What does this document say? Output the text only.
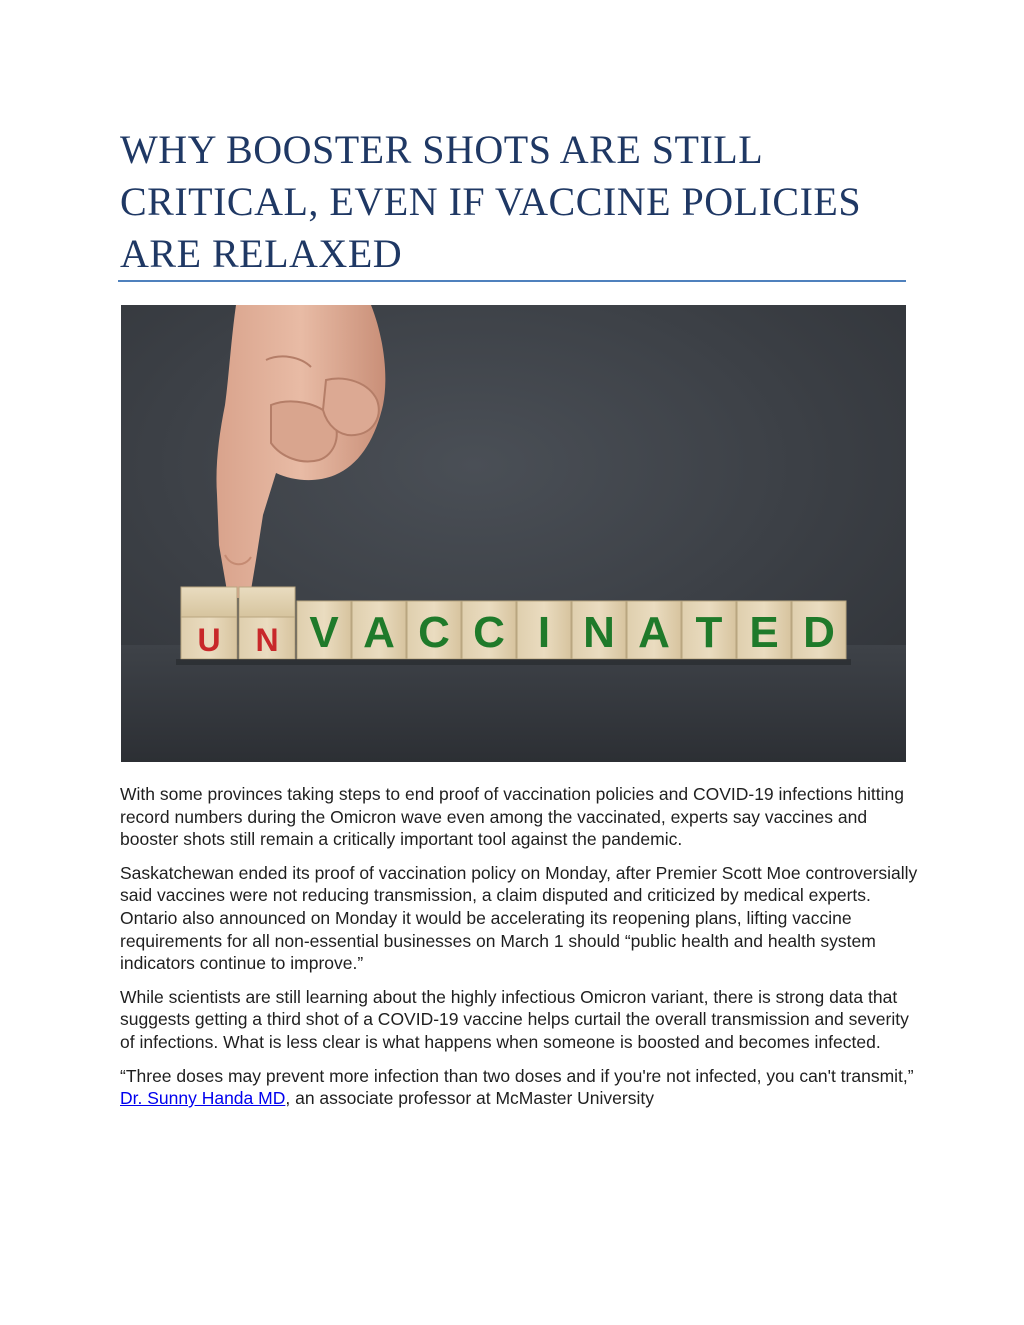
WHY BOOSTER SHOTS ARE STILL CRITICAL, EVEN IF VACCINE POLICIES ARE RELAXED
U N V A C C I N A T E D

With some provinces taking steps to end proof of vaccination policies and COVID-19 infections hitting record numbers during the Omicron wave even among the vaccinated, experts say vaccines and booster shots still remain a critically important tool against the pandemic.

Saskatchewan ended its proof of vaccination policy on Monday, after Premier Scott Moe controversially said vaccines were not reducing transmission, a claim disputed and criticized by medical experts. Ontario also announced on Monday it would be accelerating its reopening plans, lifting vaccine requirements for all non-essential businesses on March 1 should “public health and health system indicators continue to improve.”

While scientists are still learning about the highly infectious Omicron variant, there is strong data that suggests getting a third shot of a COVID-19 vaccine helps curtail the overall transmission and severity of infections. What is less clear is what happens when someone is boosted and becomes infected.

“Three doses may prevent more infection than two doses and if you're not infected, you can't transmit,” Dr. Sunny Handa MD, an associate professor at McMaster University
